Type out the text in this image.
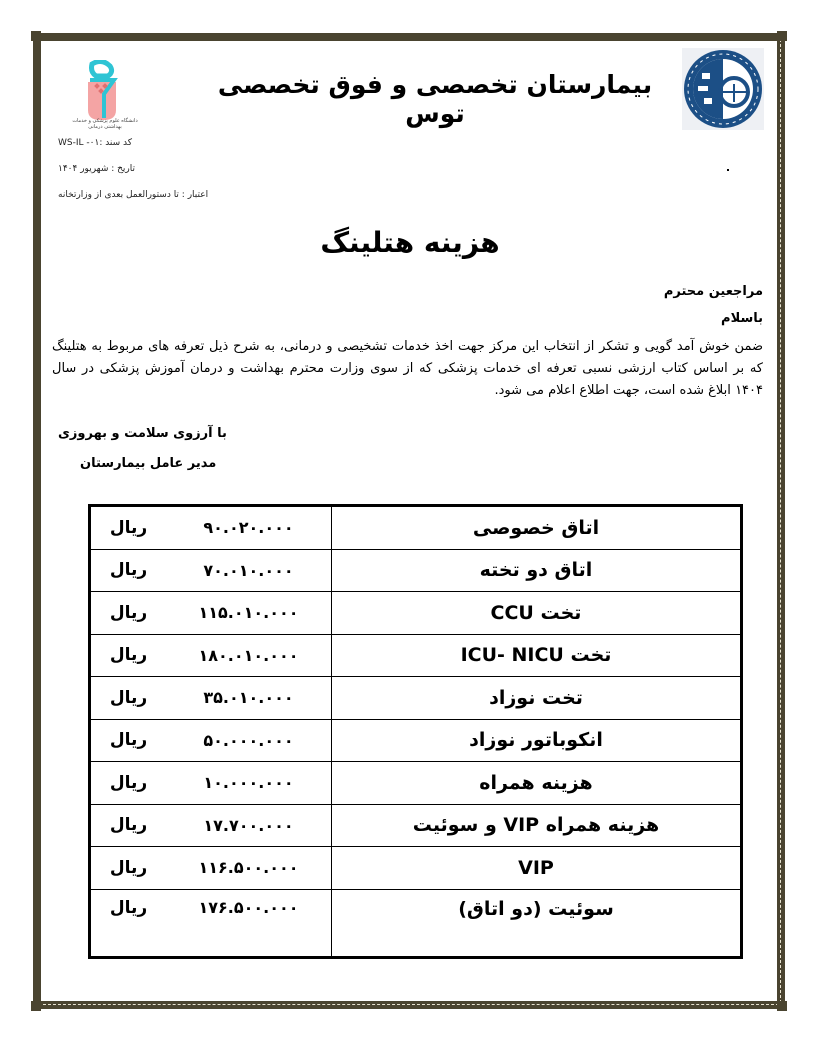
دانشگاه علوم پزشکی و خدمات بهداشتی درمانی
بیمارستان تخصصی و فوق تخصصی توس
کد سند :۰۱- WS-IL
تاریخ : شهریور ۱۴۰۴
اعتبار : تا دستورالعمل بعدی از وزارتخانه
هزینه هتلینگ
مراجعین محترم
باسلام
ضمن خوش آمد گویی و تشکر از انتخاب این مرکز جهت اخذ خدمات تشخیصی و درمانی، به شرح ذیل تعرفه های مربوط به هتلینگ که بر اساس کتاب ارزشی نسبی تعرفه ای خدمات پزشکی که از سوی وزارت محترم بهداشت و درمان آموزش پزشکی در سال ۱۴۰۴ ابلاغ شده است، جهت اطلاع اعلام می شود.
با آرزوی سلامت و بهروزی
مدیر عامل بیمارستان
ریال	۹۰.۰۲۰.۰۰۰	اتاق خصوصی
ریال	۷۰.۰۱۰.۰۰۰	اتاق دو تخته
ریال	۱۱۵.۰۱۰.۰۰۰	تخت CCU
ریال	۱۸۰.۰۱۰.۰۰۰	تخت ICU- NICU
ریال	۳۵.۰۱۰.۰۰۰	تخت نوزاد
ریال	۵۰.۰۰۰.۰۰۰	انکوباتور نوزاد
ریال	۱۰.۰۰۰.۰۰۰	هزینه همراه
ریال	۱۷.۷۰۰.۰۰۰	هزینه همراه VIP و سوئیت
ریال	۱۱۶.۵۰۰.۰۰۰	VIP
ریال	۱۷۶.۵۰۰.۰۰۰	سوئیت (دو اتاق)
